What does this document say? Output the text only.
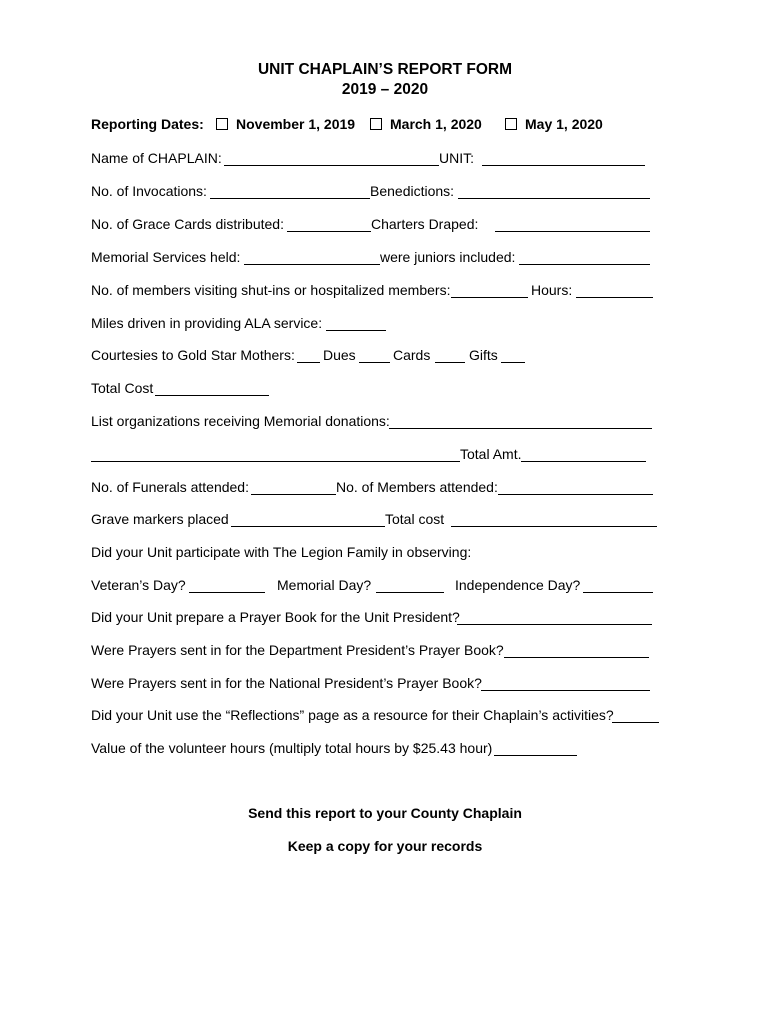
UNIT CHAPLAIN’S REPORT FORM
2019 – 2020
Reporting Dates:	November 1, 2019	March 1, 2020	May 1, 2020
Name of CHAPLAIN:	UNIT:
No. of Invocations:	Benedictions:
No. of Grace Cards distributed:	Charters Draped:
Memorial Services held:	were juniors included:
No. of members visiting shut-ins or hospitalized members:	Hours:
Miles driven in providing ALA service:
Courtesies to Gold Star Mothers: Dues	Cards	Gifts
Total Cost
List organizations receiving Memorial donations:
Total Amt.
No. of Funerals attended:	No. of Members attended:
Grave markers placed	Total cost
Did your Unit participate with The Legion Family in observing:
Veteran’s Day?	Memorial Day?	Independence Day?
Did your Unit prepare a Prayer Book for the Unit President?
Were Prayers sent in for the Department President’s Prayer Book?
Were Prayers sent in for the National President’s Prayer Book?
Did your Unit use the “Reflections” page as a resource for their Chaplain’s activities?
Value of the volunteer hours (multiply total hours by $25.43 hour)
Send this report to your County Chaplain
Keep a copy for your records
